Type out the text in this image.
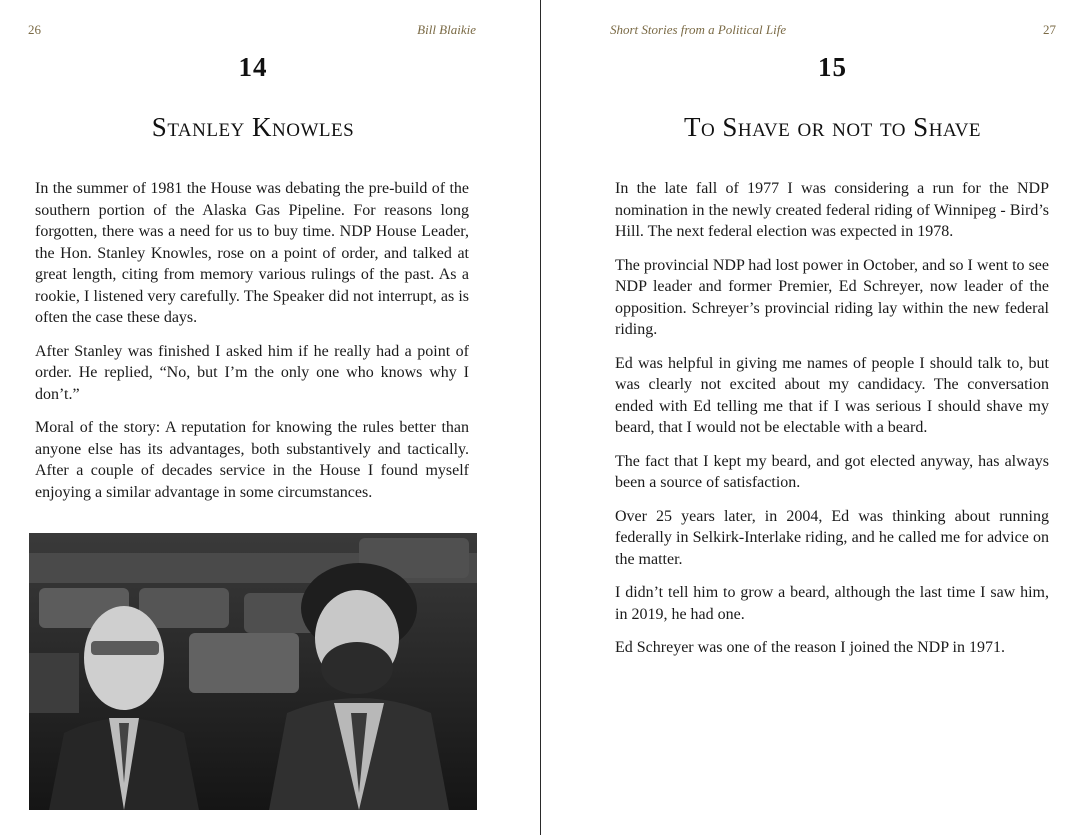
26	Bill Blaikie
14
Stanley Knowles

In the summer of 1981 the House was debating the pre-build of the southern portion of the Alaska Gas Pipeline. For reasons long forgotten, there was a need for us to buy time. NDP House Leader, the Hon. Stanley Knowles, rose on a point of order, and talked at great length, citing from memory various rulings of the past. As a rookie, I listened very carefully. The Speaker did not interrupt, as is often the case these days.

After Stanley was finished I asked him if he really had a point of order. He replied, “No, but I’m the only one who knows why I don’t.”

Moral of the story: A reputation for knowing the rules better than anyone else has its advantages, both substantively and tactically. After a couple of decades service in the House I found myself enjoying a similar advantage in some circumstances.

Short Stories from a Political Life	27
15
To Shave or not to Shave

In the late fall of 1977 I was considering a run for the NDP nomination in the newly created federal riding of Winnipeg - Bird’s Hill. The next federal election was expected in 1978.

The provincial NDP had lost power in October, and so I went to see NDP leader and former Premier, Ed Schreyer, now leader of the opposition. Schreyer’s provincial riding lay within the new federal riding.

Ed was helpful in giving me names of people I should talk to, but was clearly not excited about my candidacy. The conversation ended with Ed telling me that if I was serious I should shave my beard, that I would not be electable with a beard.

The fact that I kept my beard, and got elected anyway, has always been a source of satisfaction.

Over 25 years later, in 2004, Ed was thinking about running federally in Selkirk-Interlake riding, and he called me for advice on the matter.

I didn’t tell him to grow a beard, although the last time I saw him, in 2019, he had one.

Ed Schreyer was one of the reason I joined the NDP in 1971.
